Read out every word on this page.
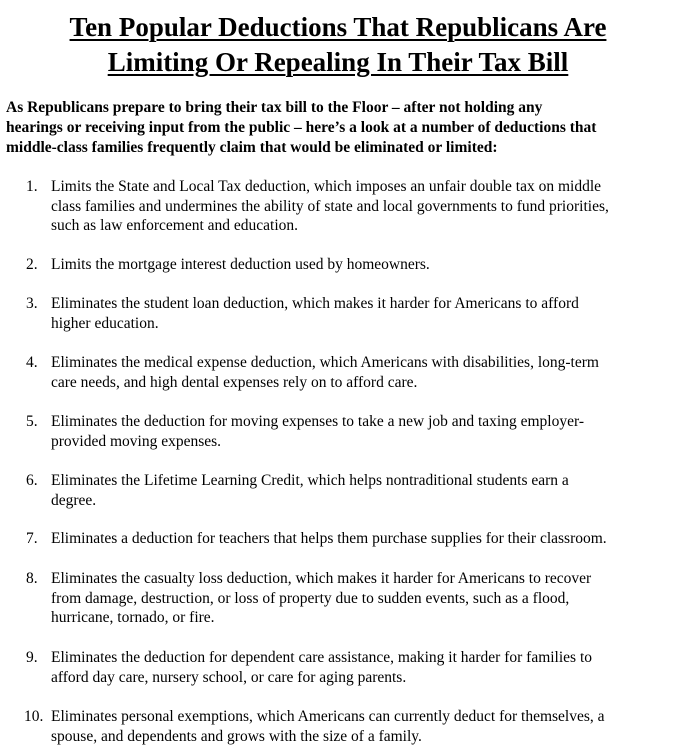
Ten Popular Deductions That Republicans Are
Limiting Or Repealing In Their Tax Bill
As Republicans prepare to bring their tax bill to the Floor – after not holding any
hearings or receiving input from the public – here’s a look at a number of deductions that
middle-class families frequently claim that would be eliminated or limited:
1. Limits the State and Local Tax deduction, which imposes an unfair double tax on middle
class families and undermines the ability of state and local governments to fund priorities,
such as law enforcement and education.
2. Limits the mortgage interest deduction used by homeowners.
3. Eliminates the student loan deduction, which makes it harder for Americans to afford
higher education.
4. Eliminates the medical expense deduction, which Americans with disabilities, long-term
care needs, and high dental expenses rely on to afford care.
5. Eliminates the deduction for moving expenses to take a new job and taxing employer-
provided moving expenses.
6. Eliminates the Lifetime Learning Credit, which helps nontraditional students earn a
degree.
7. Eliminates a deduction for teachers that helps them purchase supplies for their classroom.
8. Eliminates the casualty loss deduction, which makes it harder for Americans to recover
from damage, destruction, or loss of property due to sudden events, such as a flood,
hurricane, tornado, or fire.
9. Eliminates the deduction for dependent care assistance, making it harder for families to
afford day care, nursery school, or care for aging parents.
10. Eliminates personal exemptions, which Americans can currently deduct for themselves, a
spouse, and dependents and grows with the size of a family.
